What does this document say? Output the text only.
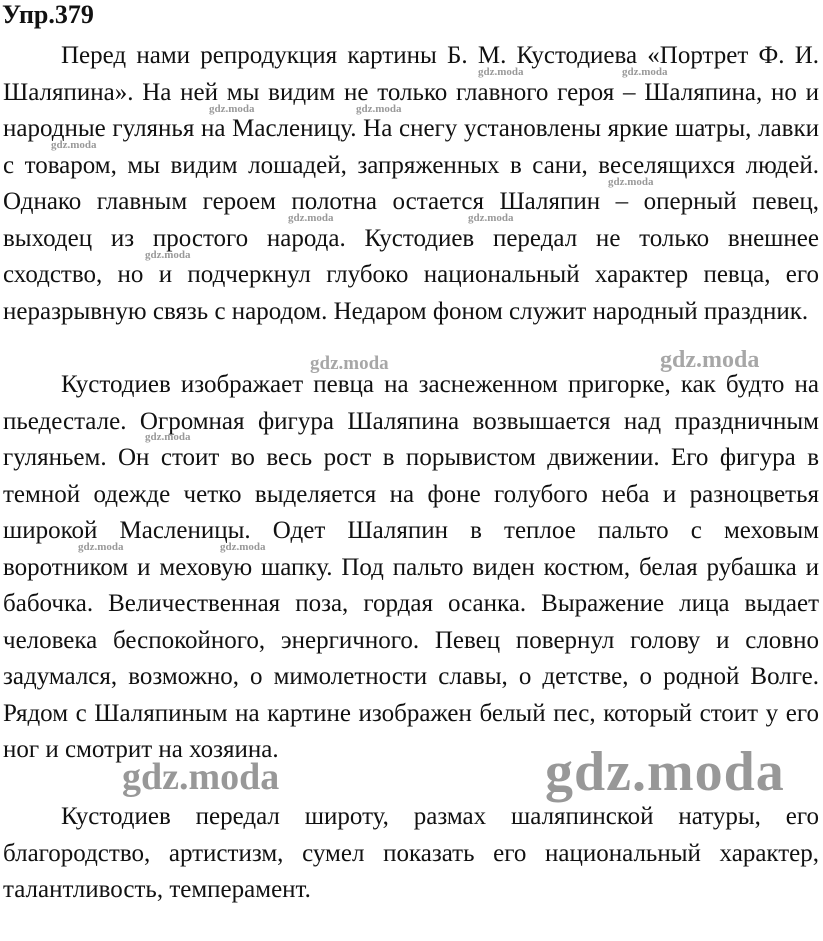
Упр.379

Перед нами репродукция картины Б. М. Кустодиева «Портрет Ф. И. Шаляпина». На ней мы видим не только главного героя – Шаляпина, но и народные гулянья на Масленицу. На снегу установлены яркие шатры, лавки с товаром, мы видим лошадей, запряженных в сани, веселящихся людей. Однако главным героем полотна остается Шаляпин – оперный певец, выходец из простого народа. Кустодиев передал не только внешнее сходство, но и подчеркнул глубоко национальный характер певца, его неразрывную связь с народом. Недаром фоном служит народный праздник.

Кустодиев изображает певца на заснеженном пригорке, как будто на пьедестале. Огромная фигура Шаляпина возвышается над праздничным гуляньем. Он стоит во весь рост в порывистом движении. Его фигура в темной одежде четко выделяется на фоне голубого неба и разноцветья широкой Масленицы. Одет Шаляпин в теплое пальто с меховым воротником и меховую шапку. Под пальто виден костюм, белая рубашка и бабочка. Величественная поза, гордая осанка. Выражение лица выдает человека беспокойного, энергичного. Певец повернул голову и словно задумался, возможно, о мимолетности славы, о детстве, о родной Волге. Рядом с Шаляпиным на картине изображен белый пес, который стоит у его ног и смотрит на хозяина.

Кустодиев передал широту, размах шаляпинской натуры, его благородство, артистизм, сумел показать его национальный характер, талантливость, темперамент.

gdz.moda	gdz.moda
gdz.moda	gdz.moda
gdz.moda
gdz.moda
gdz.moda	gdz.moda
gdz.moda
gdz.moda	gdz.moda
gdz.moda
gdz.moda	gdz.moda
gdz.moda	gdz.moda
